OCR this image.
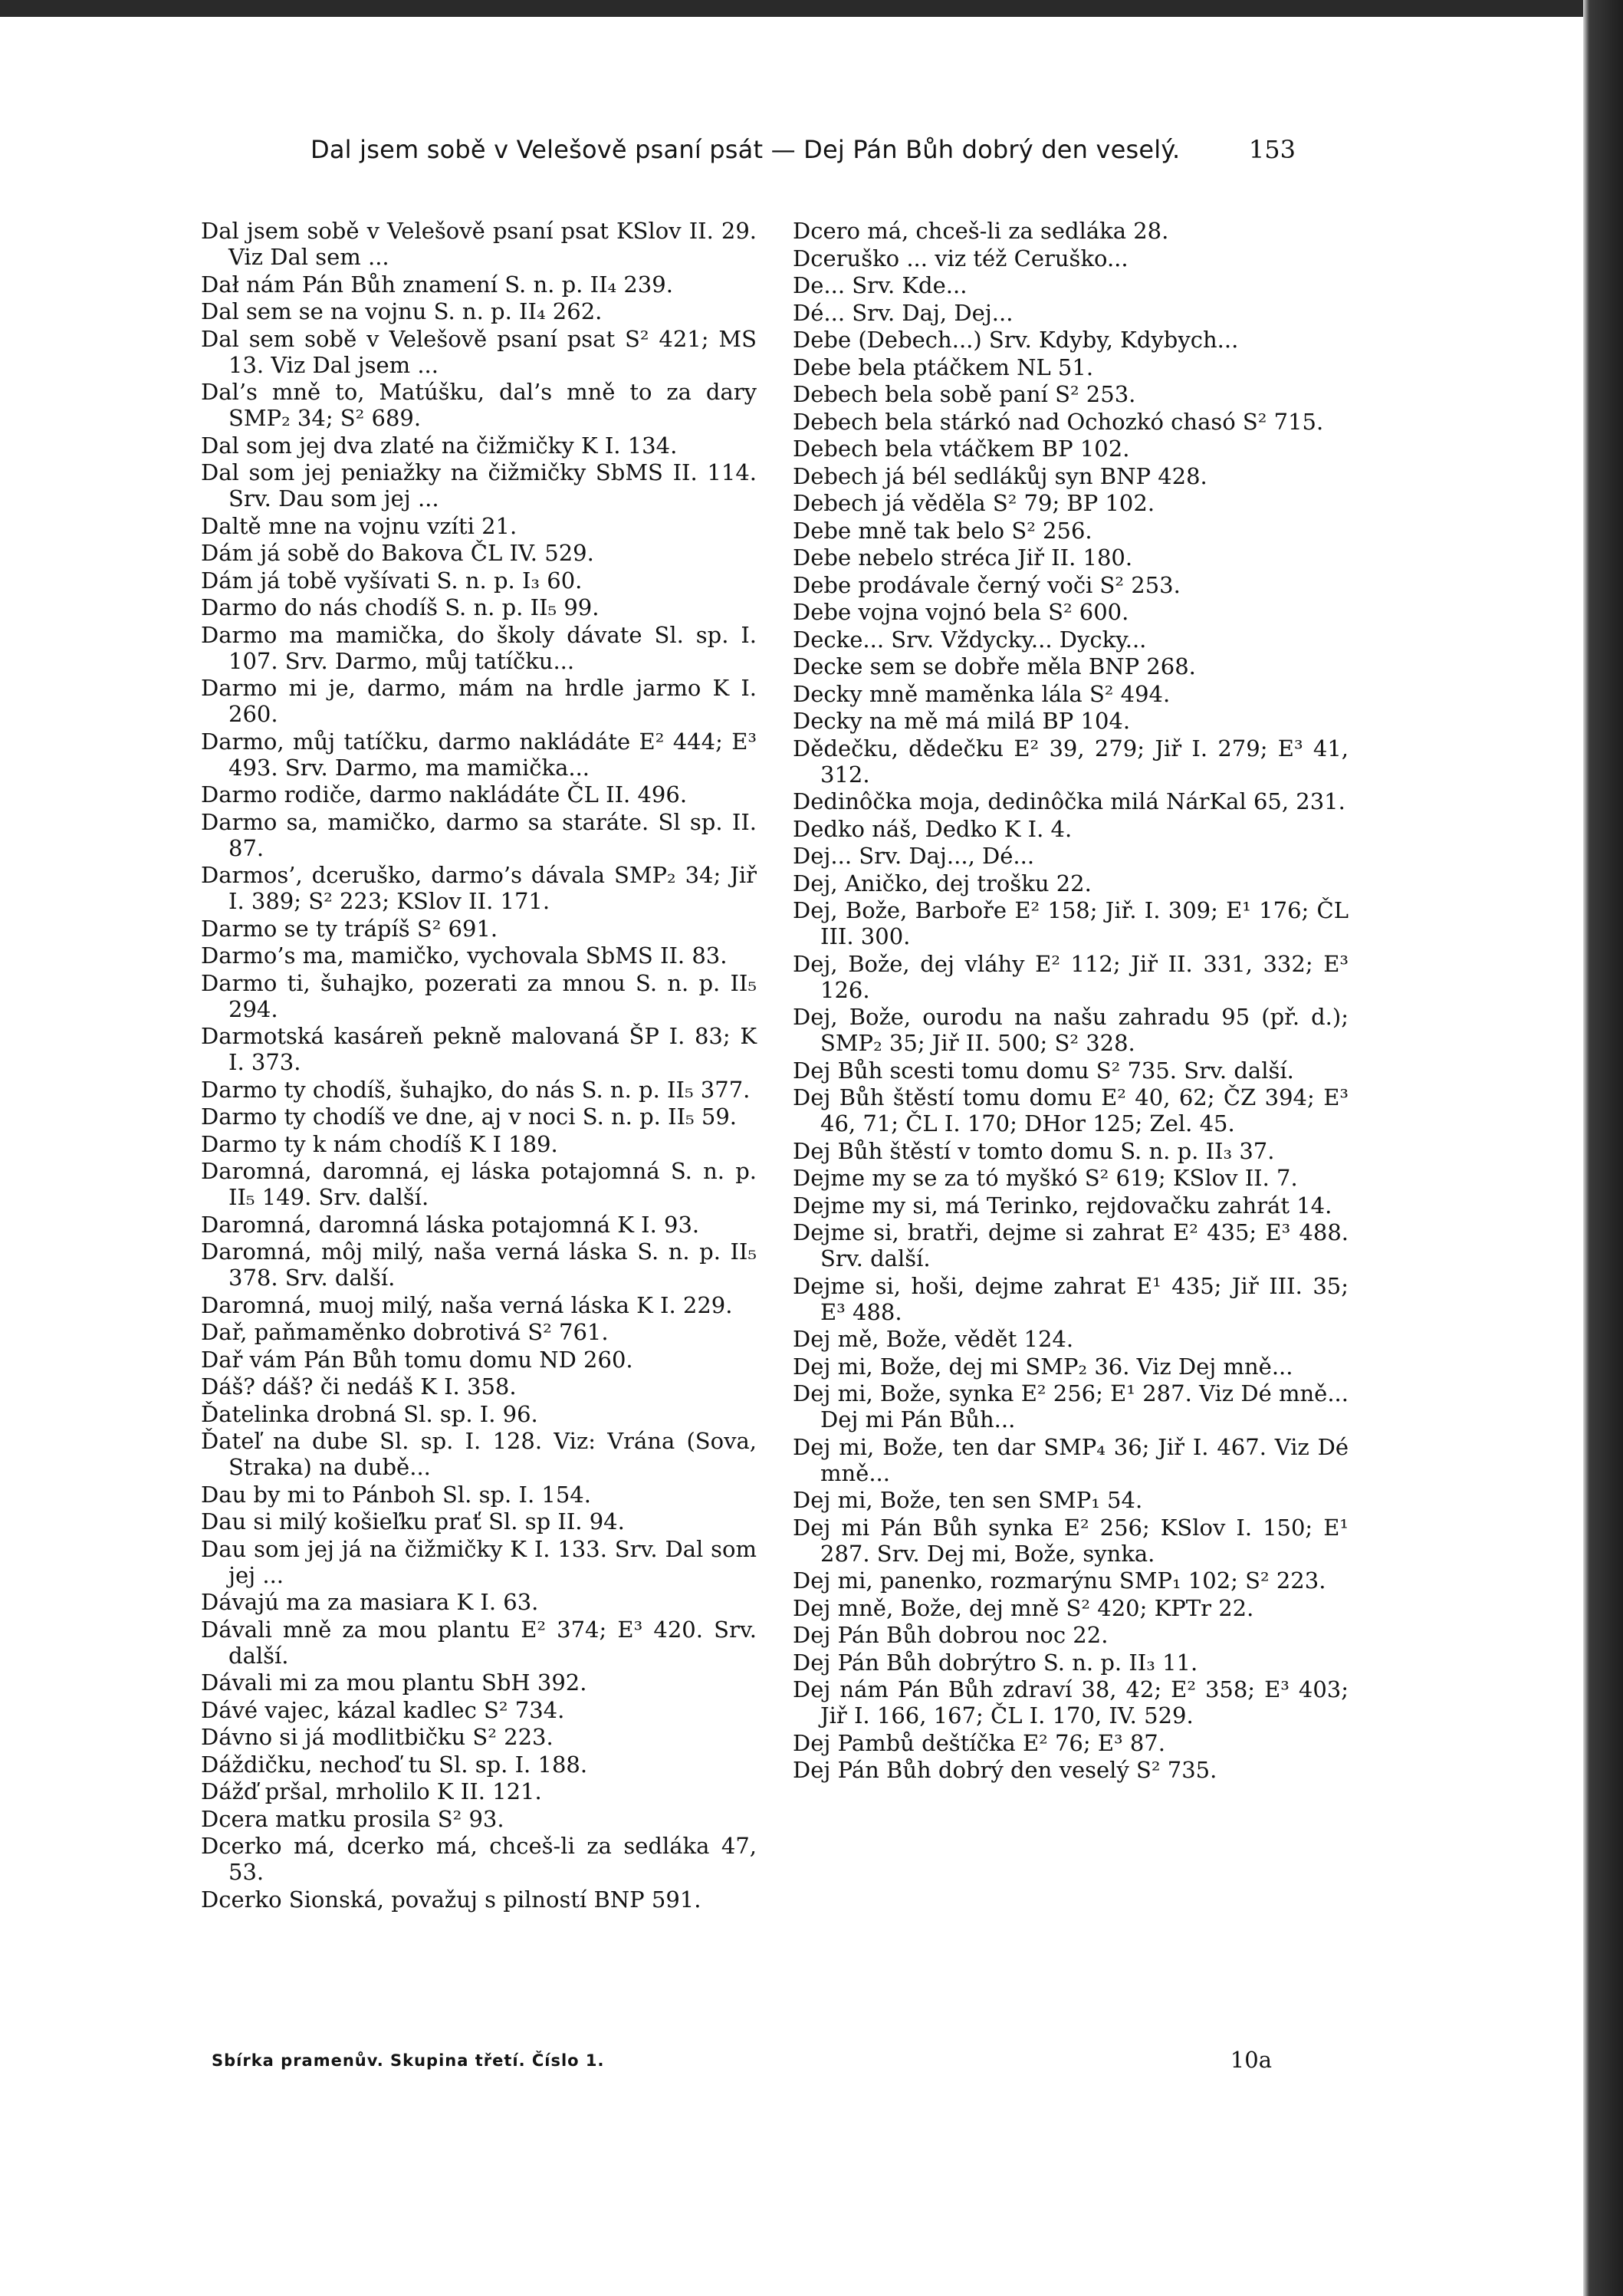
Dal jsem sobě v Velešově psaní psát — Dej Pán Bůh dobrý den veselý.	153

Dal jsem sobě v Velešově psaní psat KSlov II. 29. Viz Dal sem ...

Dał nám Pán Bůh znamení S. n. p. II₄ 239.

Dal sem se na vojnu S. n. p. II₄ 262.

Dal sem sobě v Velešově psaní psat S² 421; MS 13. Viz Dal jsem ...

Dal’s mně to, Matúšku, dal’s mně to za dary SMP₂ 34; S² 689.

Dal som jej dva zlaté na čižmičky K I. 134.

Dal som jej peniažky na čižmičky SbMS II. 114. Srv. Dau som jej ...

Daltě mne na vojnu vzíti 21.

Dám já sobě do Bakova ČL IV. 529.

Dám já tobě vyšívati S. n. p. I₃ 60.

Darmo do nás chodíš S. n. p. II₅ 99.

Darmo ma mamička, do školy dávate Sl. sp. I. 107. Srv. Darmo, můj tatíčku...

Darmo mi je, darmo, mám na hrdle jarmo K I. 260.

Darmo, můj tatíčku, darmo nakládáte E² 444; E³ 493. Srv. Darmo, ma mamička...

Darmo rodiče, darmo nakládáte ČL II. 496.

Darmo sa, mamičko, darmo sa staráte. Sl sp. II. 87.

Darmos’, dceruško, darmo’s dávala SMP₂ 34; Jiř I. 389; S² 223; KSlov II. 171.

Darmo se ty trápíš S² 691.

Darmo’s ma, mamičko, vychovala SbMS II. 83.

Darmo ti, šuhajko, pozerati za mnou S. n. p. II₅ 294.

Darmotská kasáreň pekně malovaná ŠP I. 83; K I. 373.

Darmo ty chodíš, šuhajko, do nás S. n. p. II₅ 377.

Darmo ty chodíš ve dne, aj v noci S. n. p. II₅ 59.

Darmo ty k nám chodíš K I 189.

Daromná, daromná, ej láska potajomná S. n. p. II₅ 149. Srv. další.

Daromná, daromná láska potajomná K I. 93.

Daromná, môj milý, naša verná láska S. n. p. II₅ 378. Srv. další.

Daromná, muoj milý, naša verná láska K I. 229.

Dař, paňmaměnko dobrotivá S² 761.

Dař vám Pán Bůh tomu domu ND 260.

Dáš? dáš? či nedáš K I. 358.

Ďatelinka drobná Sl. sp. I. 96.

Ďateľ na dube Sl. sp. I. 128. Viz: Vrána (Sova, Straka) na dubě...

Dau by mi to Pánboh Sl. sp. I. 154.

Dau si milý košieľku prať Sl. sp II. 94.

Dau som jej já na čižmičky K I. 133. Srv. Dal som jej ...

Dávajú ma za masiara K I. 63.

Dávali mně za mou plantu E² 374; E³ 420. Srv. další.

Dávali mi za mou plantu SbH 392.

Dávé vajec, kázal kadlec S² 734.

Dávno si já modlitbičku S² 223.

Dáždičku, nechoď tu Sl. sp. I. 188.

Dážď pršal, mrholilo K II. 121.

Dcera matku prosila S² 93.

Dcerko má, dcerko má, chceš-li za sedláka 47, 53.

Dcerko Sionská, považuj s pilností BNP 591.

Dcero má, chceš-li za sedláka 28.

Dceruško ... viz též Ceruško...

De... Srv. Kde...

Dé... Srv. Daj, Dej...

Debe (Debech...) Srv. Kdyby, Kdybych...

Debe bela ptáčkem NL 51.

Debech bela sobě paní S² 253.

Debech bela stárkó nad Ochozkó chasó S² 715.

Debech bela vtáčkem BP 102.

Debech já bél sedlákůj syn BNP 428.

Debech já věděla S² 79; BP 102.

Debe mně tak belo S² 256.

Debe nebelo stréca Jiř II. 180.

Debe prodávale černý voči S² 253.

Debe vojna vojnó bela S² 600.

Decke... Srv. Vždycky... Dycky...

Decke sem se dobře měla BNP 268.

Decky mně maměnka lála S² 494.

Decky na mě má milá BP 104.

Dědečku, dědečku E² 39, 279; Jiř I. 279; E³ 41, 312.

Dedinôčka moja, dedinôčka milá NárKal 65, 231.

Dedko náš, Dedko K I. 4.

Dej... Srv. Daj..., Dé...

Dej, Aničko, dej trošku 22.

Dej, Bože, Barboře E² 158; Jiř. I. 309; E¹ 176; ČL III. 300.

Dej, Bože, dej vláhy E² 112; Jiř II. 331, 332; E³ 126.

Dej, Bože, ourodu na našu zahradu 95 (př. d.); SMP₂ 35; Jiř II. 500; S² 328.

Dej Bůh scesti tomu domu S² 735. Srv. další.

Dej Bůh štěstí tomu domu E² 40, 62; ČZ 394; E³ 46, 71; ČL I. 170; DHor 125; Zel. 45.

Dej Bůh štěstí v tomto domu S. n. p. II₃ 37.

Dejme my se za tó myškó S² 619; KSlov II. 7.

Dejme my si, má Terinko, rejdovačku zahrát 14.

Dejme si, bratři, dejme si zahrat E² 435; E³ 488. Srv. další.

Dejme si, hoši, dejme zahrat E¹ 435; Jiř III. 35; E³ 488.

Dej mě, Bože, vědět 124.

Dej mi, Bože, dej mi SMP₂ 36. Viz Dej mně...

Dej mi, Bože, synka E² 256; E¹ 287. Viz Dé mně... Dej mi Pán Bůh...

Dej mi, Bože, ten dar SMP₄ 36; Jiř I. 467. Viz Dé mně...

Dej mi, Bože, ten sen SMP₁ 54.

Dej mi Pán Bůh synka E² 256; KSlov I. 150; E¹ 287. Srv. Dej mi, Bože, synka.

Dej mi, panenko, rozmarýnu SMP₁ 102; S² 223.

Dej mně, Bože, dej mně S² 420; KPTr 22.

Dej Pán Bůh dobrou noc 22.

Dej Pán Bůh dobrýtro S. n. p. II₃ 11.

Dej nám Pán Bůh zdraví 38, 42; E² 358; E³ 403; Jiř I. 166, 167; ČL I. 170, IV. 529.

Dej Pambů deštíčka E² 76; E³ 87.

Dej Pán Bůh dobrý den veselý S² 735.

Sbírka pramenův. Skupina třetí. Číslo 1.	10a
